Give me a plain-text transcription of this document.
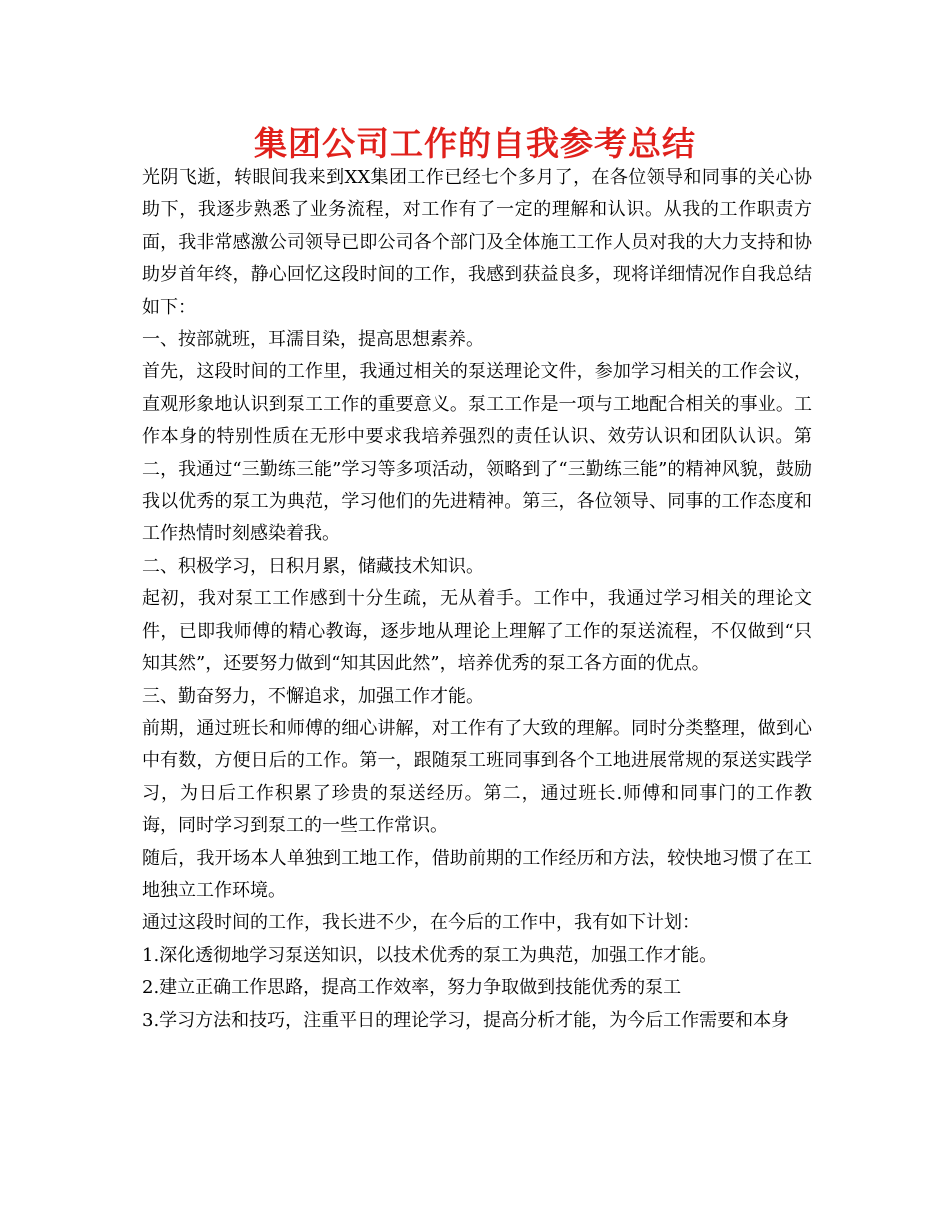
集团公司工作的自我参考总结

光阴飞逝，转眼间我来到XX集团工作已经七个多月了，在各位领导和同事的关心协助下，我逐步熟悉了业务流程，对工作有了一定的理解和认识。从我的工作职责方面，我非常感激公司领导已即公司各个部门及全体施工工作人员对我的大力支持和协助岁首年终，静心回忆这段时间的工作，我感到获益良多，现将详细情况作自我总结如下：

一、按部就班，耳濡目染，提高思想素养。

首先，这段时间的工作里，我通过相关的泵送理论文件，参加学习相关的工作会议，直观形象地认识到泵工工作的重要意义。泵工工作是一项与工地配合相关的事业。工作本身的特别性质在无形中要求我培养强烈的责任认识、效劳认识和团队认识。第二，我通过“三勤练三能”学习等多项活动，领略到了“三勤练三能”的精神风貌，鼓励我以优秀的泵工为典范，学习他们的先进精神。第三，各位领导、同事的工作态度和工作热情时刻感染着我。

二、积极学习，日积月累，储藏技术知识。

起初，我对泵工工作感到十分生疏，无从着手。工作中，我通过学习相关的理论文件，已即我师傅的精心教诲，逐步地从理论上理解了工作的泵送流程，不仅做到“只知其然”，还要努力做到“知其因此然”，培养优秀的泵工各方面的优点。

三、勤奋努力，不懈追求，加强工作才能。

前期，通过班长和师傅的细心讲解，对工作有了大致的理解。同时分类整理，做到心中有数，方便日后的工作。第一，跟随泵工班同事到各个工地进展常规的泵送实践学习，为日后工作积累了珍贵的泵送经历。第二，通过班长.师傅和同事门的工作教诲，同时学习到泵工的一些工作常识。

随后，我开场本人单独到工地工作，借助前期的工作经历和方法，较快地习惯了在工地独立工作环境。

通过这段时间的工作，我长进不少，在今后的工作中，我有如下计划：

1.深化透彻地学习泵送知识，以技术优秀的泵工为典范，加强工作才能。

2.建立正确工作思路，提高工作效率，努力争取做到技能优秀的泵工

3.学习方法和技巧，注重平日的理论学习，提高分析才能，为今后工作需要和本身
